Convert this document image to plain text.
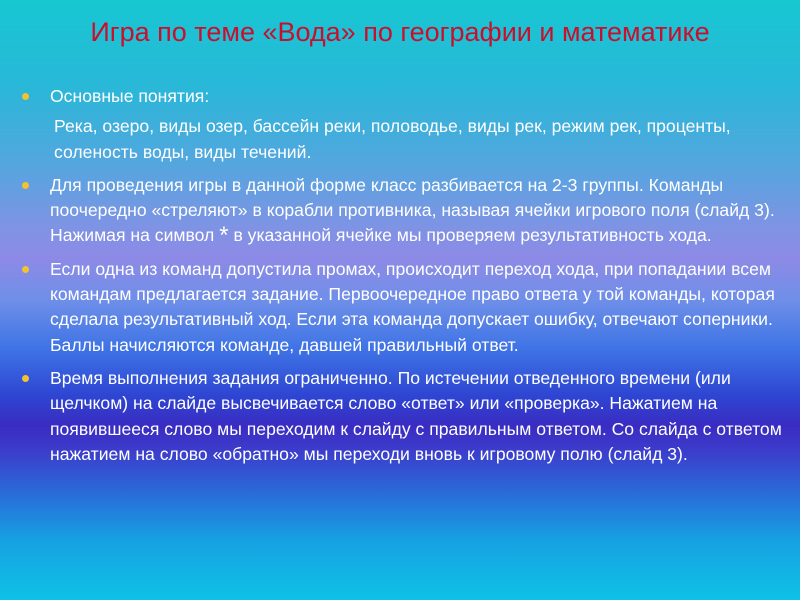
Игра по теме «Вода» по географии и математике
Основные понятия:
Река, озеро, виды озер, бассейн реки, половодье, виды рек, режим рек, проценты, соленость воды, виды течений.
Для проведения игры в данной форме класс разбивается на 2-3 группы. Команды поочередно «стреляют» в корабли противника, называя ячейки игрового поля (слайд 3). Нажимая на символ * в указанной ячейке мы проверяем результативность хода.
Если одна из команд допустила промах, происходит переход хода, при попадании всем командам предлагается задание. Первоочередное право ответа у той команды, которая сделала результативный ход. Если эта команда допускает ошибку, отвечают соперники. Баллы начисляются команде, давшей правильный ответ.
Время выполнения задания ограниченно. По истечении отведенного времени (или щелчком) на слайде высвечивается слово «ответ» или «проверка». Нажатием на появившееся слово мы переходим к слайду с правильным ответом. Со слайда с ответом нажатием на слово «обратно» мы переходи вновь к игровому полю (слайд 3).
